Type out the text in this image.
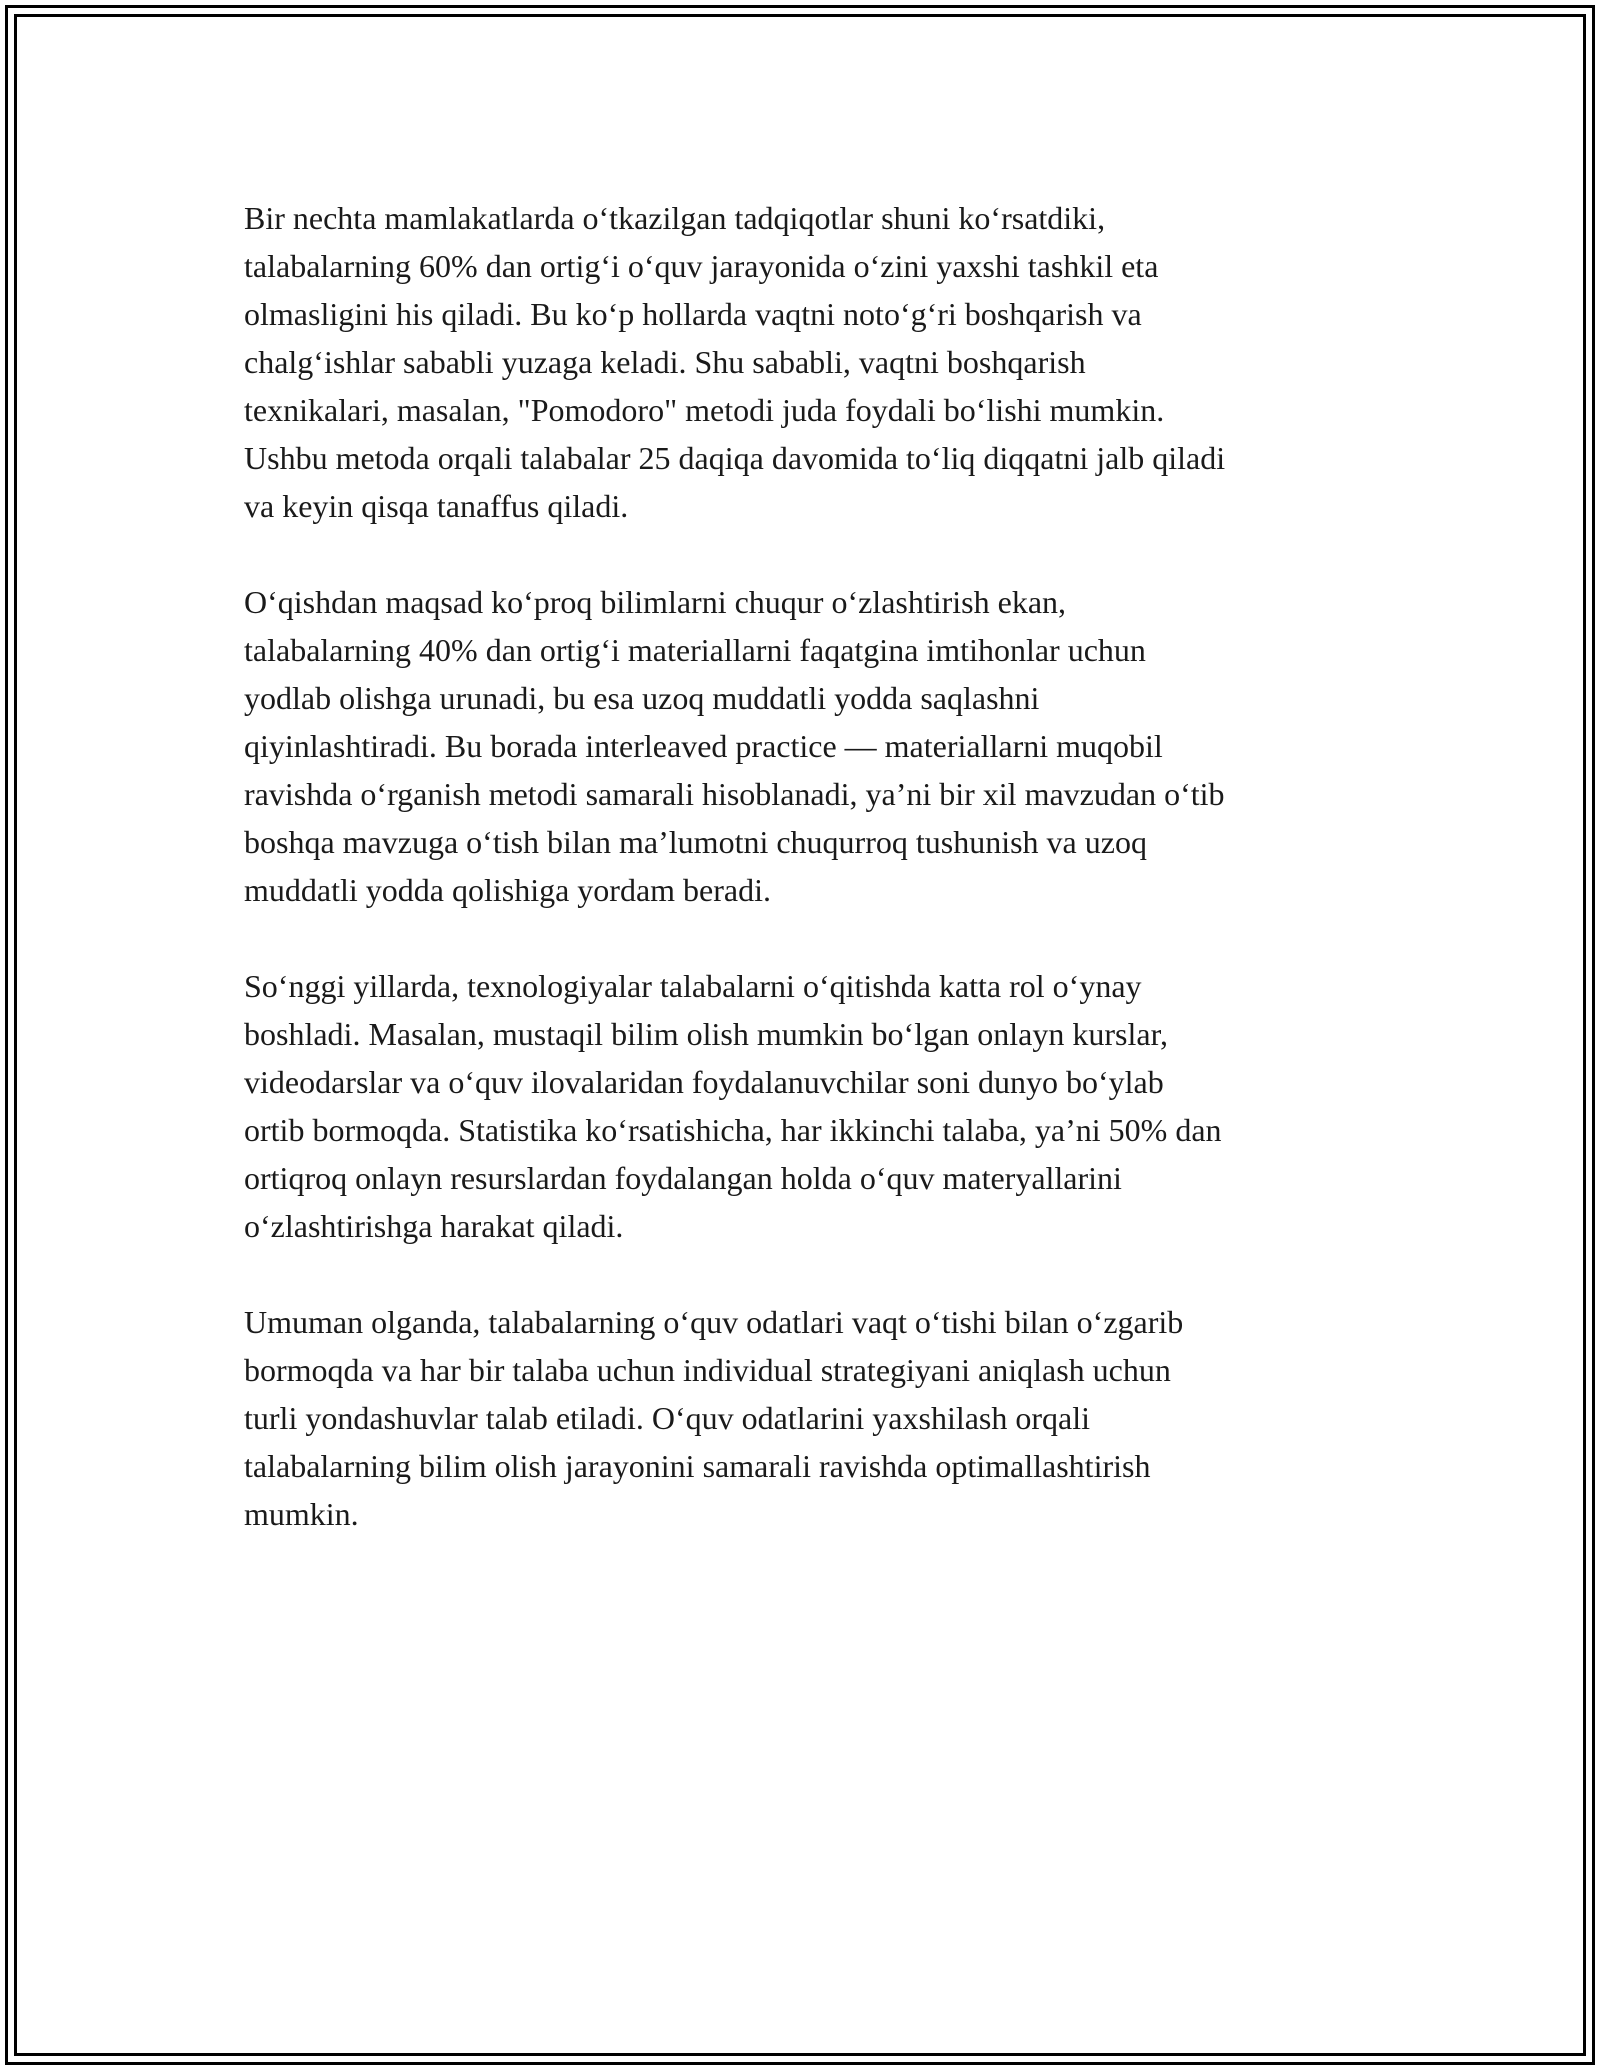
Bir nechta mamlakatlarda o‘tkazilgan tadqiqotlar shuni ko‘rsatdiki,
talabalarning 60% dan ortig‘i o‘quv jarayonida o‘zini yaxshi tashkil eta
olmasligini his qiladi. Bu ko‘p hollarda vaqtni noto‘g‘ri boshqarish va
chalg‘ishlar sababli yuzaga keladi. Shu sababli, vaqtni boshqarish
texnikalari, masalan, "Pomodoro" metodi juda foydali bo‘lishi mumkin.
Ushbu metoda orqali talabalar 25 daqiqa davomida to‘liq diqqatni jalb qiladi
va keyin qisqa tanaffus qiladi.

O‘qishdan maqsad ko‘proq bilimlarni chuqur o‘zlashtirish ekan,
talabalarning 40% dan ortig‘i materiallarni faqatgina imtihonlar uchun
yodlab olishga urunadi, bu esa uzoq muddatli yodda saqlashni
qiyinlashtiradi. Bu borada interleaved practice — materiallarni muqobil
ravishda o‘rganish metodi samarali hisoblanadi, ya’ni bir xil mavzudan o‘tib
boshqa mavzuga o‘tish bilan ma’lumotni chuqurroq tushunish va uzoq
muddatli yodda qolishiga yordam beradi.

So‘nggi yillarda, texnologiyalar talabalarni o‘qitishda katta rol o‘ynay
boshladi. Masalan, mustaqil bilim olish mumkin bo‘lgan onlayn kurslar,
videodarslar va o‘quv ilovalaridan foydalanuvchilar soni dunyo bo‘ylab
ortib bormoqda. Statistika ko‘rsatishicha, har ikkinchi talaba, ya’ni 50% dan
ortiqroq onlayn resurslardan foydalangan holda o‘quv materyallarini
o‘zlashtirishga harakat qiladi.

Umuman olganda, talabalarning o‘quv odatlari vaqt o‘tishi bilan o‘zgarib
bormoqda va har bir talaba uchun individual strategiyani aniqlash uchun
turli yondashuvlar talab etiladi. O‘quv odatlarini yaxshilash orqali
talabalarning bilim olish jarayonini samarali ravishda optimallashtirish
mumkin.
